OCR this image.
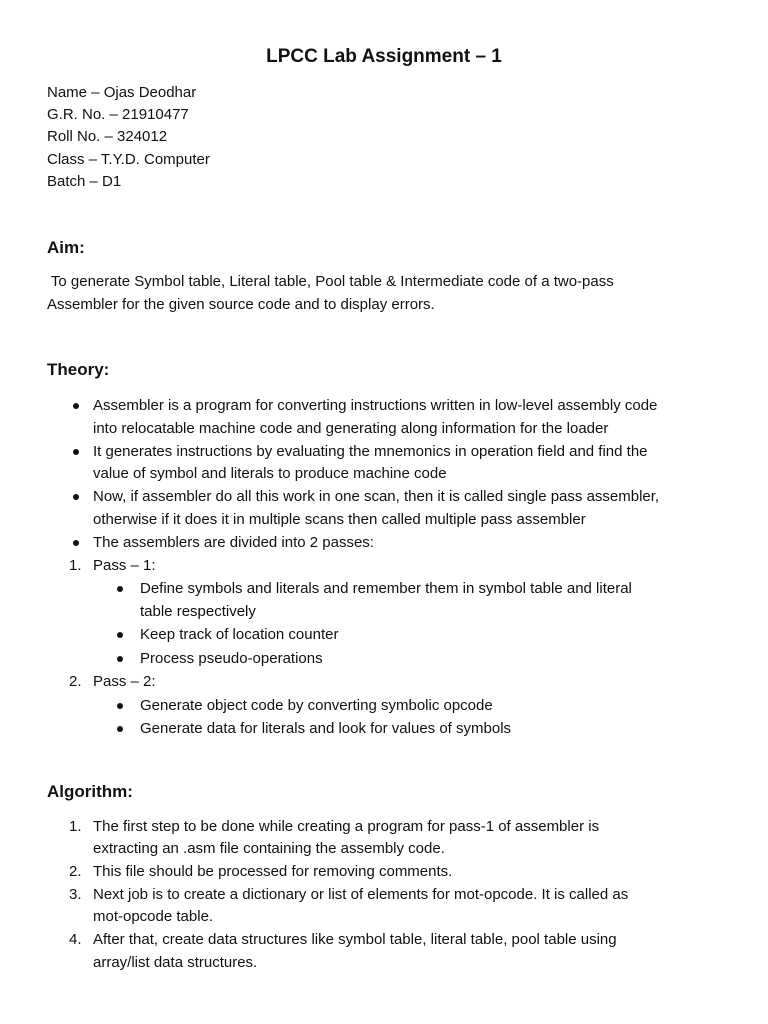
LPCC Lab Assignment – 1
Name – Ojas Deodhar
G.R. No. – 21910477
Roll No. – 324012
Class – T.Y.D. Computer
Batch – D1
Aim:
To generate Symbol table, Literal table, Pool table & Intermediate code of a two-pass
Assembler for the given source code and to display errors.
Theory:
Assembler is a program for converting instructions written in low-level assembly code
into relocatable machine code and generating along information for the loader
It generates instructions by evaluating the mnemonics in operation field and find the
value of symbol and literals to produce machine code
Now, if assembler do all this work in one scan, then it is called single pass assembler,
otherwise if it does it in multiple scans then called multiple pass assembler
The assemblers are divided into 2 passes:
1. Pass – 1:
Define symbols and literals and remember them in symbol table and literal
table respectively
Keep track of location counter
Process pseudo-operations
2. Pass – 2:
Generate object code by converting symbolic opcode
Generate data for literals and look for values of symbols
Algorithm:
1. The first step to be done while creating a program for pass-1 of assembler is
extracting an .asm file containing the assembly code.
2. This file should be processed for removing comments.
3. Next job is to create a dictionary or list of elements for mot-opcode. It is called as
mot-opcode table.
4. After that, create data structures like symbol table, literal table, pool table using
array/list data structures.
